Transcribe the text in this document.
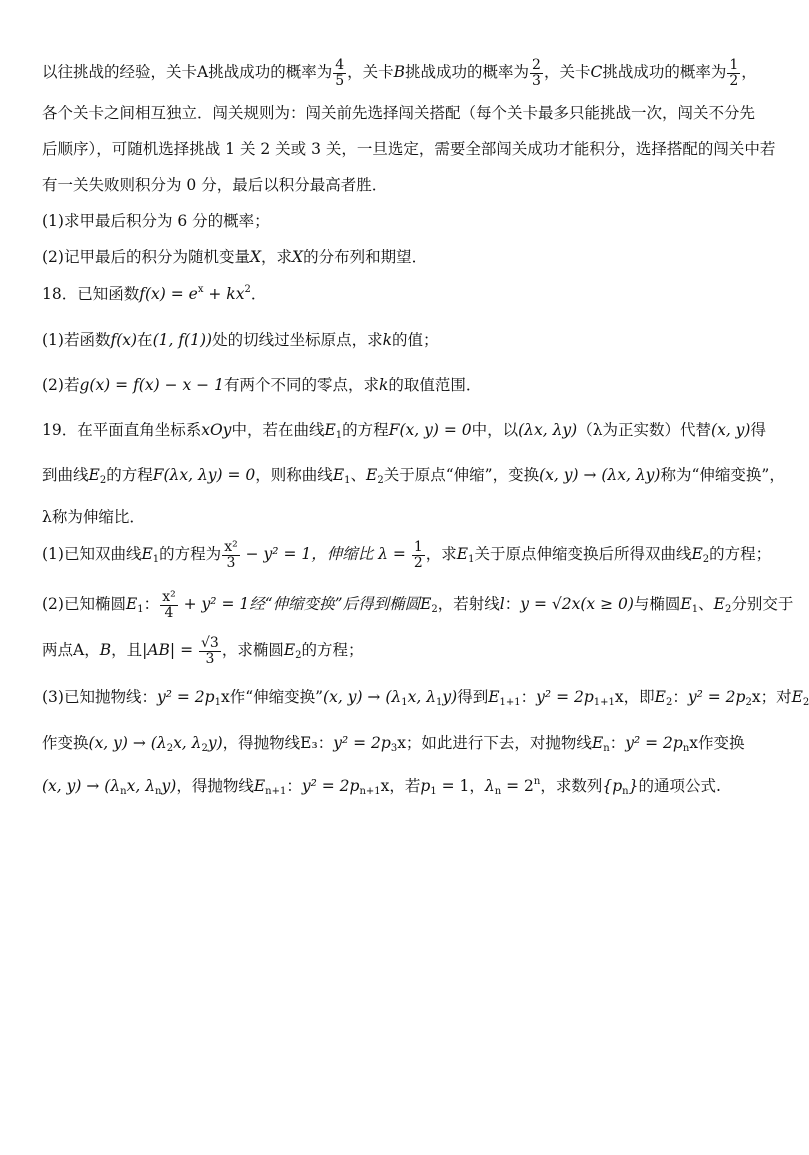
以往挑战的经验，关卡A挑战成功的概率为 $\frac{4}{5}$ ，关卡B挑战成功的概率为 $\frac{2}{3}$ ，关卡C挑战成功的概率为 $\frac{1}{2}$ ，
各个关卡之间相互独立．闯关规则为：闯关前先选择闯关搭配（每个关卡最多只能挑战一次，闯关不分先
后顺序），可随机选择挑战 1 关 2 关或 3 关，一旦选定，需要全部闯关成功才能积分，选择搭配的闯关中若
有一关失败则积分为 0 分，最后以积分最高者胜．
(1)求甲最后积分为 6 分的概率；
(2)记甲最后的积分为随机变量X，求X的分布列和期望．
18．已知函数$f(x) = e^x + kx^2$．
(1)若函数f(x)在(1, f(1))处的切线过坐标原点，求k的值；
(2)若g(x) = f(x) − x − 1有两个不同的零点，求k的取值范围．
19．在平面直角坐标系xOy中，若在曲线$E_1$的方程F(x, y) = 0中，以(λx, λy)（λ为正实数）代替(x, y)得
到曲线$E_2$的方程F(λx, λy) = 0，则称曲线$E_1$、$E_2$关于原点“伸缩”，变换(x, y) → (λx, λy)称为“伸缩变换”，
λ称为伸缩比．
(1)已知双曲线$E_1$的方程为 $\frac{\text{x²}}{3} - y^2 = 1$，伸缩比 $\lambda = \frac{1}{2}$ ，求$E_1$关于原点伸缩变换后所得双曲线$E_2$的方程；
(2)已知椭圆$E_1$： $\frac{\text{x²}}{4} + y^2 = 1$经“伸缩变换”后得到椭圆$E_2$，若射线l：y = √2x(x ≥ 0)与椭圆$E_1$、$E_2$分别交于
两点A，B，且$|AB| = \frac{√3}{3}$ ，求椭圆$E_2$的方程；
(3)已知抛物线：$y^2 = 2p_1x$作“伸缩变换”(x, $y) \to (\lambda_1x$, $\lambda_1y$)得到$E_{1+1}$：$y^2 = 2p_{1+1}x$，即$E_2$：$y^2 = 2p_2x$；对$E_2$
作变换(x, $y) \to (\lambda_2x$, $\lambda_2y$)，得抛物线E₃：$y^2 = 2p_3x$；如此进行下去，对抛物线$E_n$：$y^2 = 2p_nx$作变换
(x, $y) \to (\lambda_nx$, $\lambda_ny$)，得抛物线$E_{n+1}$：$y^2 = 2p_{n+1}x$，若$p_1 = 1$，$\lambda_n = 2^n$，求数列$\{p_n\}$的通项公式.
